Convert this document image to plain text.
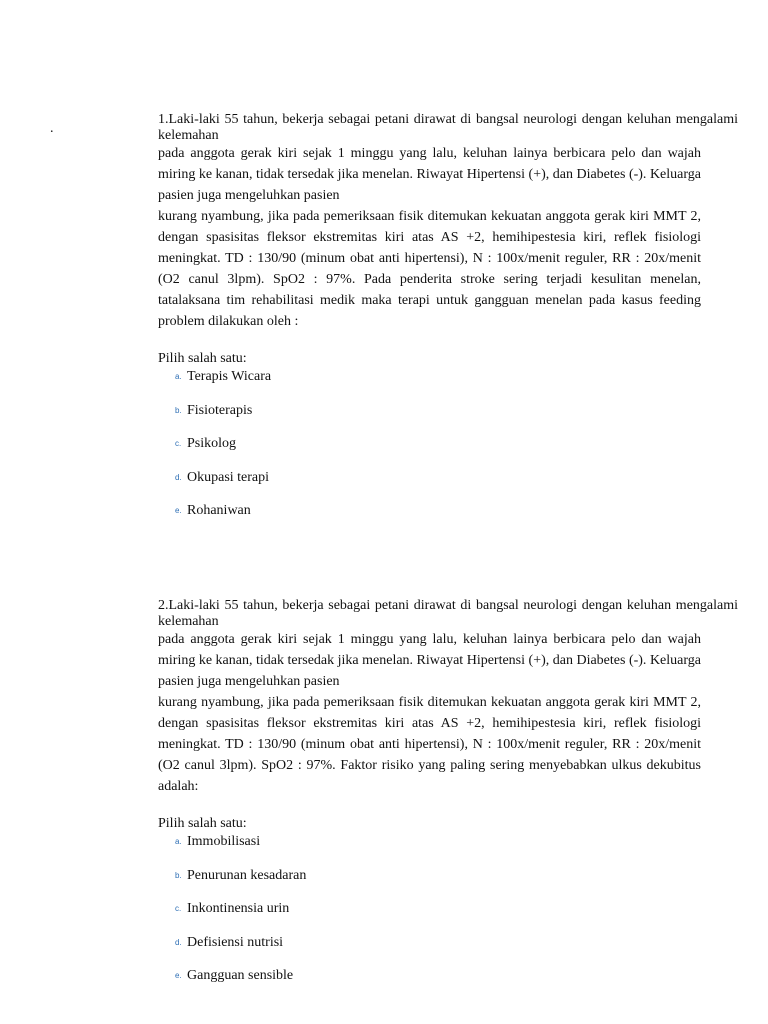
.

1.Laki-laki 55 tahun, bekerja sebagai petani dirawat di bangsal neurologi dengan keluhan mengalami kelemahan

pada anggota gerak kiri sejak 1 minggu yang lalu, keluhan lainya berbicara pelo dan wajah miring ke kanan, tidak tersedak jika menelan. Riwayat Hipertensi (+), dan Diabetes (-). Keluarga pasien juga mengeluhkan pasien

kurang nyambung, jika pada pemeriksaan fisik ditemukan kekuatan anggota gerak kiri MMT 2, dengan spasisitas fleksor ekstremitas kiri atas AS +2, hemihipestesia kiri, reflek fisiologi meningkat. TD : 130/90 (minum obat anti hipertensi), N : 100x/menit reguler, RR : 20x/menit (O2 canul 3lpm). SpO2 : 97%. Pada penderita stroke sering terjadi kesulitan menelan, tatalaksana tim rehabilitasi medik maka terapi untuk gangguan menelan pada kasus feeding problem dilakukan oleh :

Pilih salah satu:

a. Terapis Wicara
b. Fisioterapis
c. Psikolog
d. Okupasi terapi
e. Rohaniwan

2.Laki-laki 55 tahun, bekerja sebagai petani dirawat di bangsal neurologi dengan keluhan mengalami kelemahan

pada anggota gerak kiri sejak 1 minggu yang lalu, keluhan lainya berbicara pelo dan wajah miring ke kanan, tidak tersedak jika menelan. Riwayat Hipertensi (+), dan Diabetes (-). Keluarga pasien juga mengeluhkan pasien

kurang nyambung, jika pada pemeriksaan fisik ditemukan kekuatan anggota gerak kiri MMT 2, dengan spasisitas fleksor ekstremitas kiri atas AS +2, hemihipestesia kiri, reflek fisiologi meningkat. TD : 130/90 (minum obat anti hipertensi), N : 100x/menit reguler, RR : 20x/menit (O2 canul 3lpm). SpO2 : 97%. Faktor risiko yang paling sering menyebabkan ulkus dekubitus adalah:

Pilih salah satu:

a. Immobilisasi
b. Penurunan kesadaran
c. Inkontinensia urin
d. Defisiensi nutrisi
e. Gangguan sensible
